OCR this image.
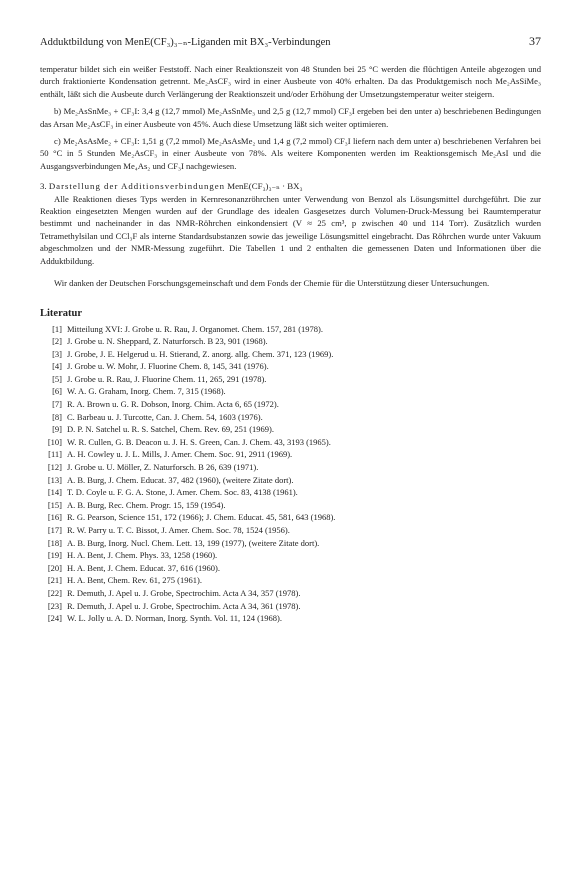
Adduktbildung von MenE(CF₃)₃₋ₙ-Liganden mit BX₃-Verbindungen	37

temperatur bildet sich ein weißer Feststoff. Nach einer Reaktionszeit von 48 Stunden bei 25 °C werden die flüchtigen Anteile abgezogen und durch fraktionierte Kondensation getrennt. Me₂AsCF₃ wird in einer Ausbeute von 40% erhalten. Da das Produktgemisch noch Me₂AsSiMe₃ enthält, läßt sich die Ausbeute durch Verlängerung der Reaktionszeit und/oder Erhöhung der Umsetzungstemperatur weiter steigern.

b) Me₂AsSnMe₃ + CF₃I: 3,4 g (12,7 mmol) Me₂AsSnMe₃ und 2,5 g (12,7 mmol) CF₃I ergeben bei den unter a) beschriebenen Bedingungen das Arsan Me₂AsCF₃ in einer Ausbeute von 45%. Auch diese Umsetzung läßt sich weiter optimieren.

c) Me₂AsAsMe₂ + CF₃I: 1,51 g (7,2 mmol) Me₂AsAsMe₂ und 1,4 g (7,2 mmol) CF₃I liefern nach dem unter a) beschriebenen Verfahren bei 50 °C in 5 Stunden Me₂AsCF₃ in einer Ausbeute von 78%. Als weitere Komponenten werden im Reaktionsgemisch Me₂AsI und die Ausgangsverbindungen Me₄As₂ und CF₃I nachgewiesen.

3. Darstellung der Additionsverbindungen MenE(CF₃)₃₋ₙ · BX₃

Alle Reaktionen dieses Typs werden in Kernresonanzröhrchen unter Verwendung von Benzol als Lösungsmittel durchgeführt. Die zur Reaktion eingesetzten Mengen wurden auf der Grundlage des idealen Gasgesetzes durch Volumen-Druck-Messung bei Raumtemperatur bestimmt und nacheinander in das NMR-Röhrchen einkondensiert (V ≈ 25 cm³, p zwischen 40 und 114 Torr). Zusätzlich wurden Tetramethylsilan und CCl₃F als interne Standardsubstanzen sowie das jeweilige Lösungsmittel eingebracht. Das Röhrchen wurde unter Vakuum abgeschmolzen und der NMR-Messung zugeführt. Die Tabellen 1 und 2 enthalten die gemessenen Daten und Informationen über die Adduktbildung.

Wir danken der Deutschen Forschungsgemeinschaft und dem Fonds der Chemie für die Unterstützung dieser Untersuchungen.

Literatur
[1] Mitteilung XVI: J. Grobe u. R. Rau, J. Organomet. Chem. 157, 281 (1978).
[2] J. Grobe u. N. Sheppard, Z. Naturforsch. B 23, 901 (1968).
[3] J. Grobe, J. E. Helgerud u. H. Stierand, Z. anorg. allg. Chem. 371, 123 (1969).
[4] J. Grobe u. W. Mohr, J. Fluorine Chem. 8, 145, 341 (1976).
[5] J. Grobe u. R. Rau, J. Fluorine Chem. 11, 265, 291 (1978).
[6] W. A. G. Graham, Inorg. Chem. 7, 315 (1968).
[7] R. A. Brown u. G. R. Dobson, Inorg. Chim. Acta 6, 65 (1972).
[8] C. Barbeau u. J. Turcotte, Can. J. Chem. 54, 1603 (1976).
[9] D. P. N. Satchel u. R. S. Satchel, Chem. Rev. 69, 251 (1969).
[10] W. R. Cullen, G. B. Deacon u. J. H. S. Green, Can. J. Chem. 43, 3193 (1965).
[11] A. H. Cowley u. J. L. Mills, J. Amer. Chem. Soc. 91, 2911 (1969).
[12] J. Grobe u. U. Möller, Z. Naturforsch. B 26, 639 (1971).
[13] A. B. Burg, J. Chem. Educat. 37, 482 (1960), (weitere Zitate dort).
[14] T. D. Coyle u. F. G. A. Stone, J. Amer. Chem. Soc. 83, 4138 (1961).
[15] A. B. Burg, Rec. Chem. Progr. 15, 159 (1954).
[16] R. G. Pearson, Science 151, 172 (1966); J. Chem. Educat. 45, 581, 643 (1968).
[17] R. W. Parry u. T. C. Bissot, J. Amer. Chem. Soc. 78, 1524 (1956).
[18] A. B. Burg, Inorg. Nucl. Chem. Lett. 13, 199 (1977), (weitere Zitate dort).
[19] H. A. Bent, J. Chem. Phys. 33, 1258 (1960).
[20] H. A. Bent, J. Chem. Educat. 37, 616 (1960).
[21] H. A. Bent, Chem. Rev. 61, 275 (1961).
[22] R. Demuth, J. Apel u. J. Grobe, Spectrochim. Acta A 34, 357 (1978).
[23] R. Demuth, J. Apel u. J. Grobe, Spectrochim. Acta A 34, 361 (1978).
[24] W. L. Jolly u. A. D. Norman, Inorg. Synth. Vol. 11, 124 (1968).
